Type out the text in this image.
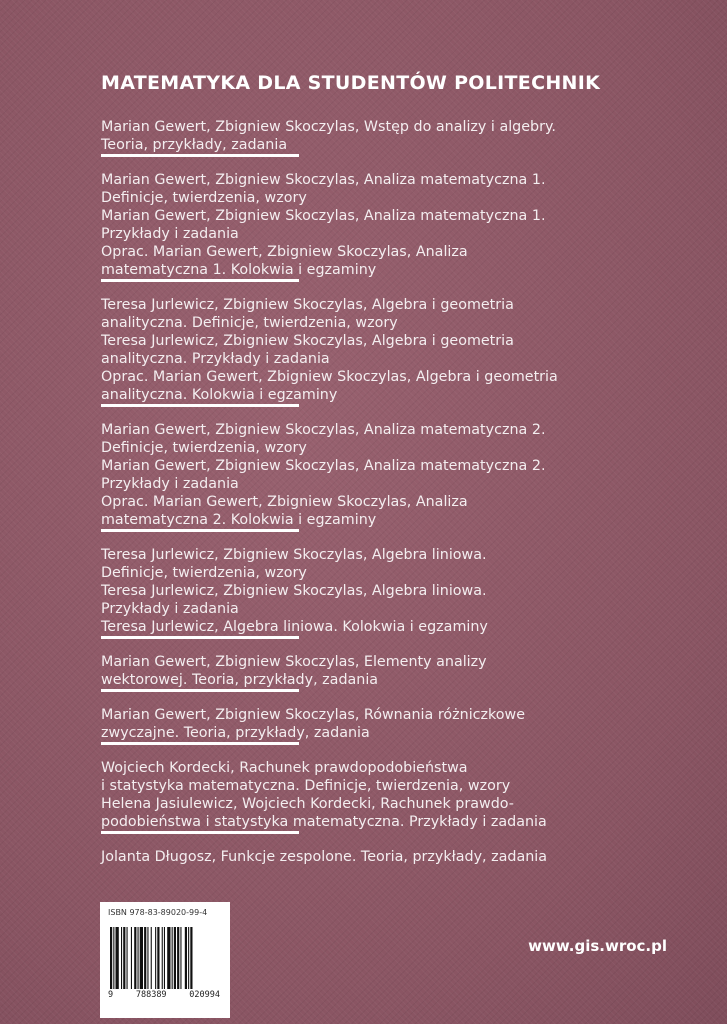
MATEMATYKA DLA STUDENTÓW POLITECHNIK
Marian Gewert, Zbigniew Skoczylas, Wstęp do analizy i algebry.
Teoria, przykłady, zadania
Marian Gewert, Zbigniew Skoczylas, Analiza matematyczna 1.
Definicje, twierdzenia, wzory
Marian Gewert, Zbigniew Skoczylas, Analiza matematyczna 1.
Przykłady i zadania
Oprac. Marian Gewert, Zbigniew Skoczylas, Analiza
matematyczna 1. Kolokwia i egzaminy
Teresa Jurlewicz, Zbigniew Skoczylas, Algebra i geometria
analityczna. Definicje, twierdzenia, wzory
Teresa Jurlewicz, Zbigniew Skoczylas, Algebra i geometria
analityczna. Przykłady i zadania
Oprac. Marian Gewert, Zbigniew Skoczylas, Algebra i geometria
analityczna. Kolokwia i egzaminy
Marian Gewert, Zbigniew Skoczylas, Analiza matematyczna 2.
Definicje, twierdzenia, wzory
Marian Gewert, Zbigniew Skoczylas, Analiza matematyczna 2.
Przykłady i zadania
Oprac. Marian Gewert, Zbigniew Skoczylas, Analiza
matematyczna 2. Kolokwia i egzaminy
Teresa Jurlewicz, Zbigniew Skoczylas, Algebra liniowa.
Definicje, twierdzenia, wzory
Teresa Jurlewicz, Zbigniew Skoczylas, Algebra liniowa.
Przykłady i zadania
Teresa Jurlewicz, Algebra liniowa. Kolokwia i egzaminy
Marian Gewert, Zbigniew Skoczylas, Elementy analizy
wektorowej. Teoria, przykłady, zadania
Marian Gewert, Zbigniew Skoczylas, Równania różniczkowe
zwyczajne. Teoria, przykłady, zadania
Wojciech Kordecki, Rachunek prawdopodobieństwa
i statystyka matematyczna. Definicje, twierdzenia, wzory
Helena Jasiulewicz, Wojciech Kordecki, Rachunek prawdo-
podobieństwa i statystyka matematyczna. Przykłady i zadania
Jolanta Długosz, Funkcje zespolone. Teoria, przykłady, zadania
ISBN 978-83-89020-99-4
9	788389	020994
www.gis.wroc.pl
